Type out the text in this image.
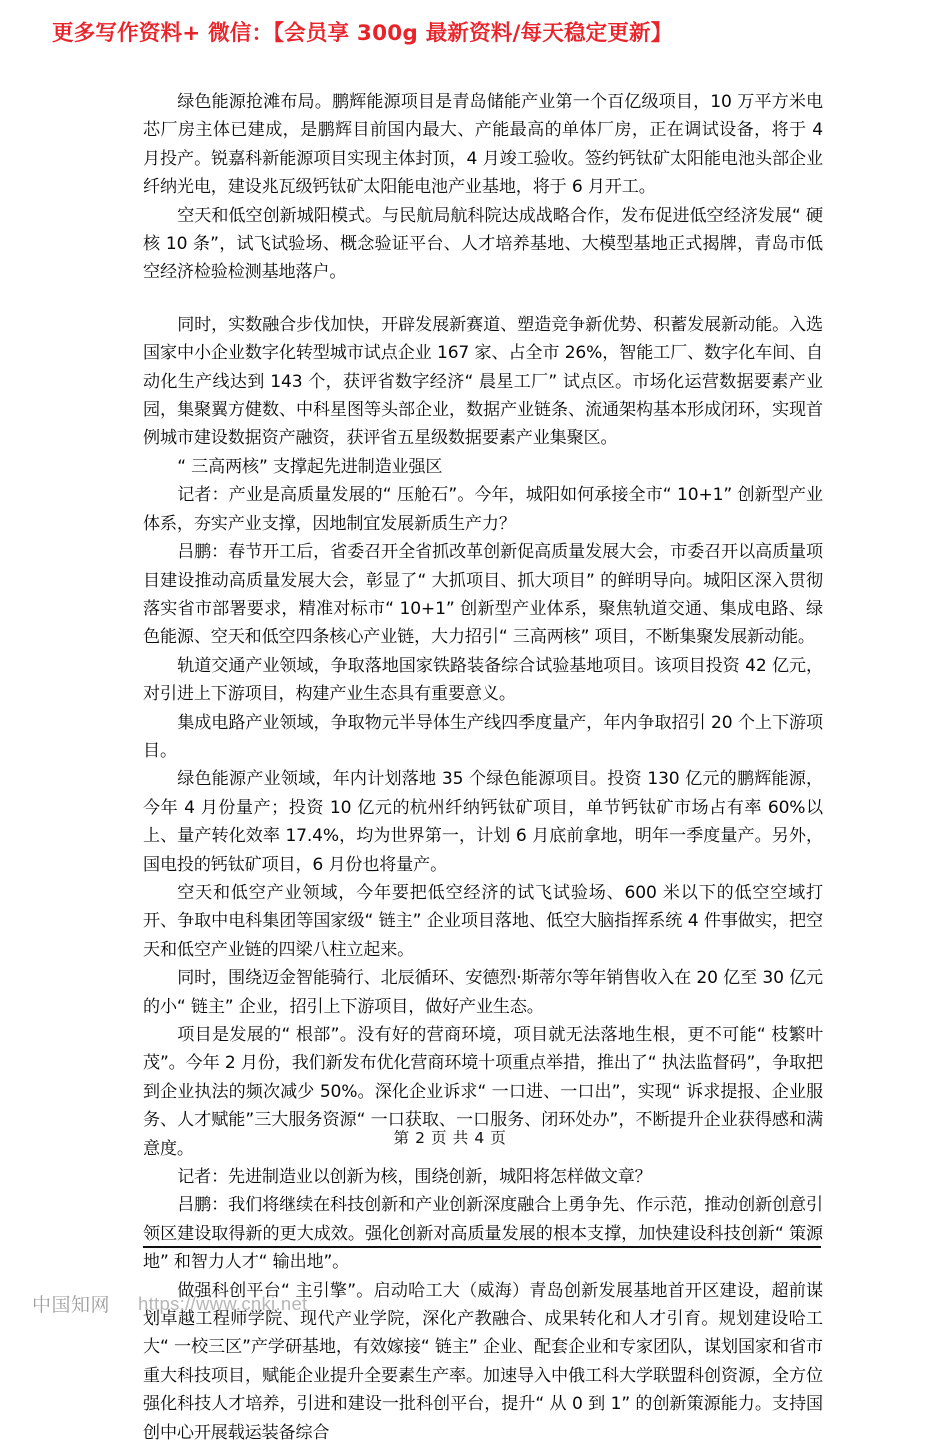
更多写作资料+ 微信：【会员享 300g 最新资料/每天稳定更新】

绿色能源抢滩布局。鹏辉能源项目是青岛储能产业第一个百亿级项目，10 万平方米电芯厂房主体已建成，是鹏辉目前国内最大、产能最高的单体厂房，正在调试设备，将于 4 月投产。锐嘉科新能源项目实现主体封顶，4 月竣工验收。签约钙钛矿太阳能电池头部企业纤纳光电，建设兆瓦级钙钛矿太阳能电池产业基地，将于 6 月开工。

空天和低空创新城阳模式。与民航局航科院达成战略合作，发布促进低空经济发展“ 硬核 10 条”，试飞试验场、概念验证平台、人才培养基地、大模型基地正式揭牌，青岛市低空经济检验检测基地落户。

同时，实数融合步伐加快，开辟发展新赛道、塑造竞争新优势、积蓄发展新动能。入选国家中小企业数字化转型城市试点企业 167 家、占全市 26%，智能工厂、数字化车间、自动化生产线达到 143 个，获评省数字经济“ 晨星工厂” 试点区。市场化运营数据要素产业园，集聚翼方健数、中科星图等头部企业，数据产业链条、流通架构基本形成闭环，实现首例城市建设数据资产融资，获评省五星级数据要素产业集聚区。

“ 三高两核” 支撑起先进制造业强区

记者：产业是高质量发展的“ 压舱石”。今年，城阳如何承接全市“ 10+1” 创新型产业体系，夯实产业支撑，因地制宜发展新质生产力？

吕鹏：春节开工后，省委召开全省抓改革创新促高质量发展大会，市委召开以高质量项目建设推动高质量发展大会，彰显了“ 大抓项目、抓大项目” 的鲜明导向。城阳区深入贯彻落实省市部署要求，精准对标市“ 10+1” 创新型产业体系，聚焦轨道交通、集成电路、绿色能源、空天和低空四条核心产业链，大力招引“ 三高两核” 项目，不断集聚发展新动能。

轨道交通产业领域，争取落地国家铁路装备综合试验基地项目。该项目投资 42 亿元，对引进上下游项目，构建产业生态具有重要意义。

集成电路产业领域，争取物元半导体生产线四季度量产，年内争取招引 20 个上下游项目。

绿色能源产业领域，年内计划落地 35 个绿色能源项目。投资 130 亿元的鹏辉能源，今年 4 月份量产；投资 10 亿元的杭州纤纳钙钛矿项目，单节钙钛矿市场占有率 60%以上、量产转化效率 17.4%，均为世界第一，计划 6 月底前拿地，明年一季度量产。另外，国电投的钙钛矿项目，6 月份也将量产。

空天和低空产业领域，今年要把低空经济的试飞试验场、600 米以下的低空空域打开、争取中电科集团等国家级“ 链主” 企业项目落地、低空大脑指挥系统 4 件事做实，把空天和低空产业链的四梁八柱立起来。

同时，围绕迈金智能骑行、北辰循环、安德烈·斯蒂尔等年销售收入在 20 亿至 30 亿元的小“ 链主” 企业，招引上下游项目，做好产业生态。

项目是发展的“ 根部”。没有好的营商环境，项目就无法落地生根，更不可能“ 枝繁叶茂”。今年 2 月份，我们新发布优化营商环境十项重点举措，推出了“ 执法监督码”，争取把到企业执法的频次减少 50%。深化企业诉求“ 一口进、一口出”，实现“ 诉求提报、企业服务、人才赋能”三大服务资源“ 一口获取、一口服务、闭环处办”，不断提升企业获得感和满意度。

记者：先进制造业以创新为核，围绕创新，城阳将怎样做文章？

吕鹏：我们将继续在科技创新和产业创新深度融合上勇争先、作示范，推动创新创意引领区建设取得新的更大成效。强化创新对高质量发展的根本支撑，加快建设科技创新“ 策源地” 和智力人才“ 输出地”。

做强科创平台“ 主引擎”。启动哈工大（威海）青岛创新发展基地首开区建设，超前谋划卓越工程师学院、现代产业学院，深化产教融合、成果转化和人才引育。规划建设哈工大“ 一校三区”产学研基地，有效嫁接“ 链主” 企业、配套企业和专家团队，谋划国家和省市重大科技项目，赋能企业提升全要素生产率。加速导入中俄工科大学联盟科创资源，全方位强化科技人才培养，引进和建设一批科创平台，提升“ 从 0 到 1” 的创新策源能力。支持国创中心开展载运装备综合

第 2 页 共 4 页
中国知网 https://www.cnki.net
